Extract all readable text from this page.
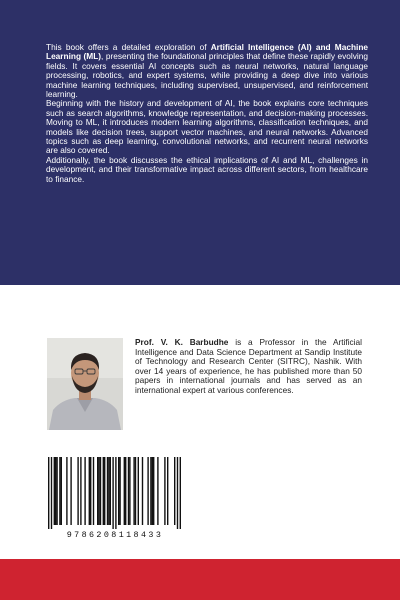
This book offers a detailed exploration of Artificial Intelligence (AI) and Machine Learning (ML), presenting the foundational principles that define these rapidly evolving fields. It covers essential AI concepts such as neural networks, natural language processing, robotics, and expert systems, while providing a deep dive into various machine learning techniques, including supervised, unsupervised, and reinforcement learning.

Beginning with the history and development of AI, the book explains core techniques such as search algorithms, knowledge representation, and decision-making processes. Moving to ML, it introduces modern learning algorithms, classification techniques, and models like decision trees, support vector machines, and neural networks. Advanced topics such as deep learning, convolutional networks, and recurrent neural networks are also covered.

Additionally, the book discusses the ethical implications of AI and ML, challenges in development, and their transformative impact across different sectors, from healthcare to finance.

Prof. V. K. Barbudhe is a Professor in the Artificial Intelligence and Data Science Department at Sandip Institute of Technology and Research Center (SITRC), Nashik. With over 14 years of experience, he has published more than 50 papers in international journals and has served as an international expert at various conferences.
9786208118433
